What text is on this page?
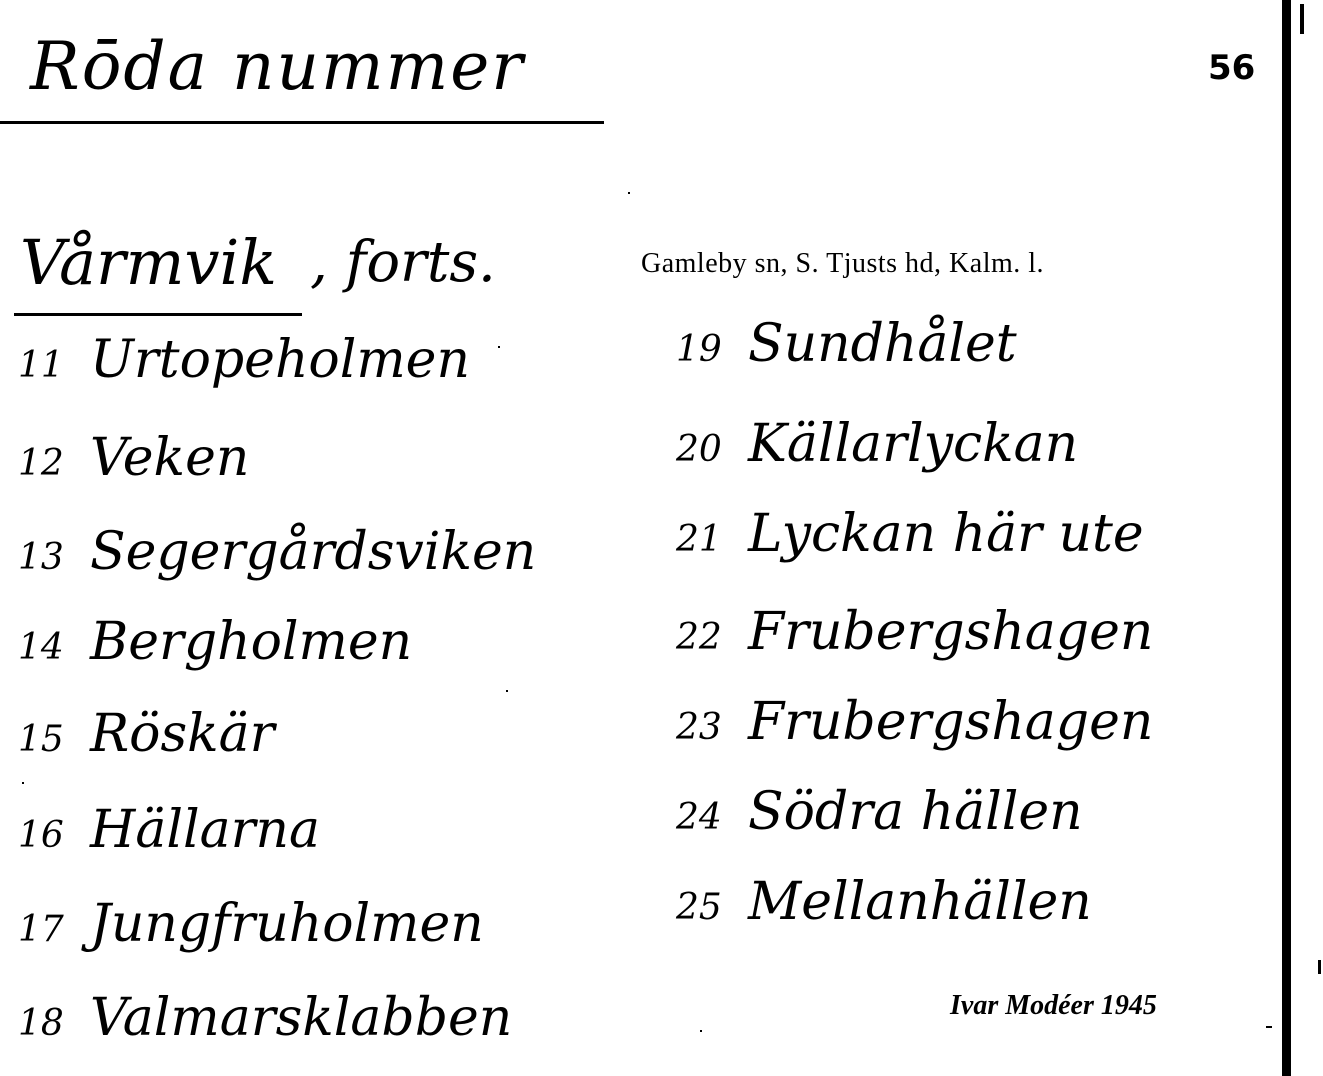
Rōda nummer	56
Vårmvik , forts.	Gamleby sn, S. Tjusts hd, Kalm. l.
11 Urtopeholmen
12 Veken
13 Segergårdsviken
14 Bergholmen
15 Röskär
16 Hällarna
17 Jungfruholmen
18 Valmarsklabben
19 Sundhålet
20 Källarlyckan
21 Lyckan här ute
22 Frubergshagen
23 Frubergshagen
24 Södra hällen
25 Mellanhällen
Ivar Modéer 1945
